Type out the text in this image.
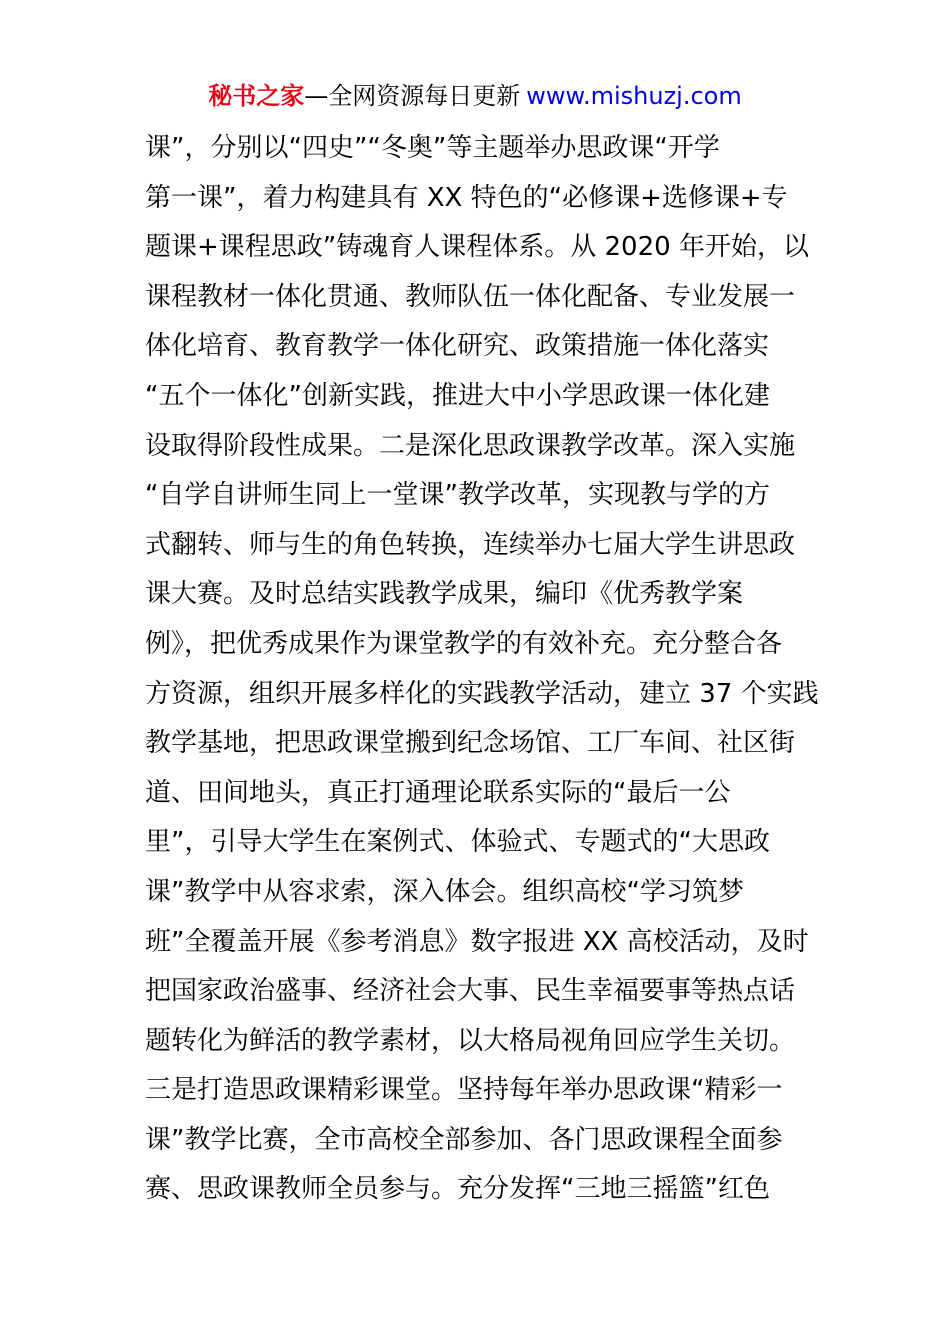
秘书之家—全网资源每日更新 www.mishuzj.com
课”，分别以“四史”“冬奥”等主题举办思政课“开学
第一课”，着力构建具有 XX 特色的“必修课+选修课+专
题课+课程思政”铸魂育人课程体系。从 2020 年开始，以
课程教材一体化贯通、教师队伍一体化配备、专业发展一
体化培育、教育教学一体化研究、政策措施一体化落实
“五个一体化”创新实践，推进大中小学思政课一体化建
设取得阶段性成果。二是深化思政课教学改革。深入实施
“自学自讲师生同上一堂课”教学改革，实现教与学的方
式翻转、师与生的角色转换，连续举办七届大学生讲思政
课大赛。及时总结实践教学成果，编印《优秀教学案
例》，把优秀成果作为课堂教学的有效补充。充分整合各
方资源，组织开展多样化的实践教学活动，建立 37 个实践
教学基地，把思政课堂搬到纪念场馆、工厂车间、社区街
道、田间地头，真正打通理论联系实际的“最后一公
里”，引导大学生在案例式、体验式、专题式的“大思政
课”教学中从容求索，深入体会。组织高校“学习筑梦
班”全覆盖开展《参考消息》数字报进 XX 高校活动，及时
把国家政治盛事、经济社会大事、民生幸福要事等热点话
题转化为鲜活的教学素材，以大格局视角回应学生关切。
三是打造思政课精彩课堂。坚持每年举办思政课“精彩一
课”教学比赛，全市高校全部参加、各门思政课程全面参
赛、思政课教师全员参与。充分发挥“三地三摇篮”红色
